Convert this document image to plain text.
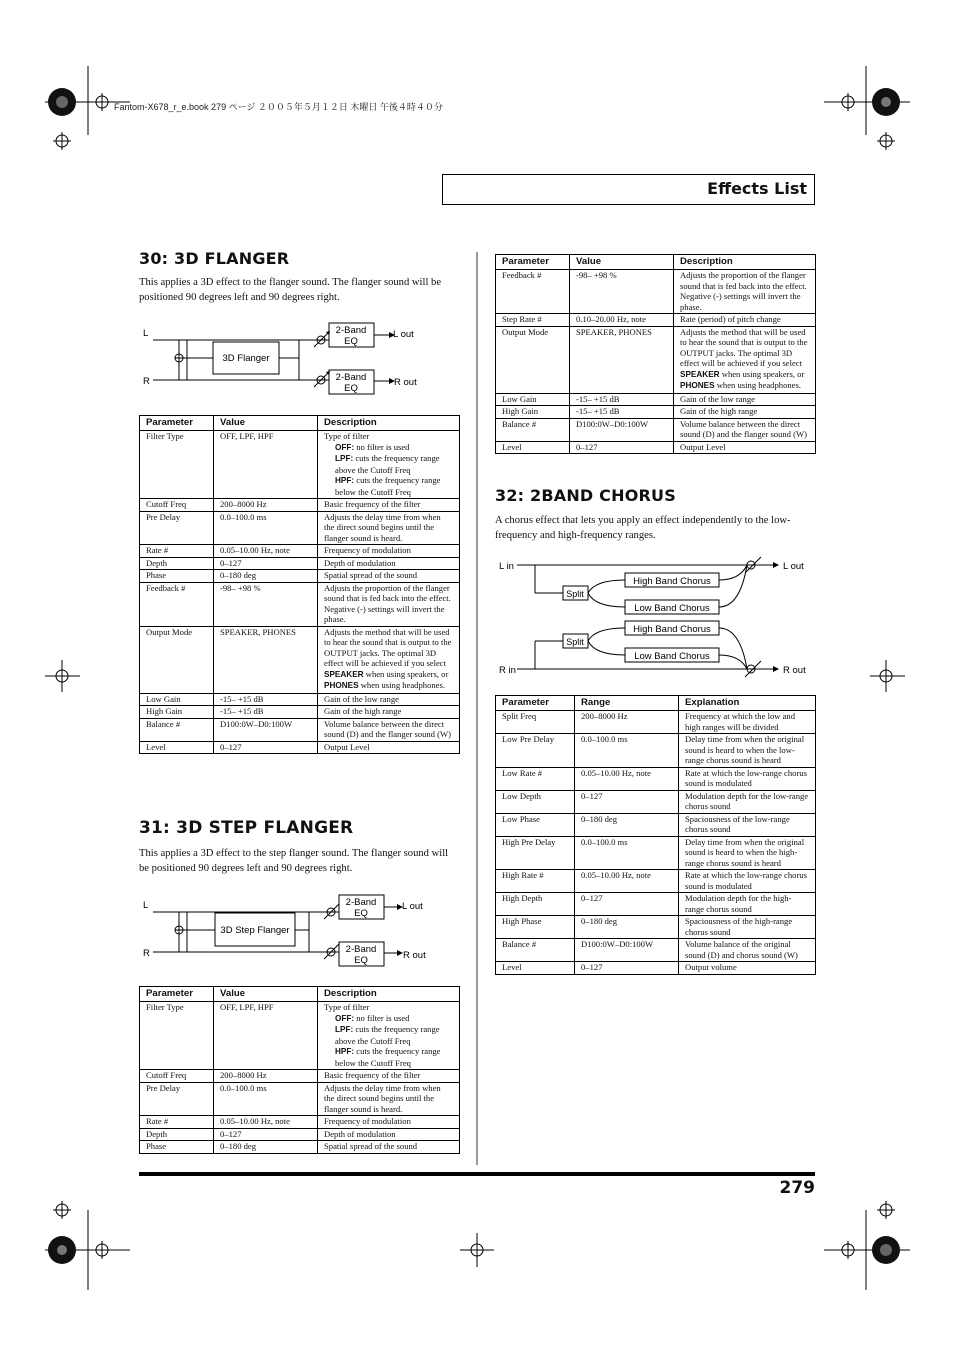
Fantom-X678_r_e.book 279 ページ ２００５年５月１２日 木曜日 午後４時４０分
Effects List
30: 3D FLANGER

This applies a 3D effect to the flanger sound. The flanger sound will be positioned 90 degrees left and 90 degrees right.

L
R
3D Flanger
2-Band
EQ
2-Band
EQ
L out
R out
Parameter	Value	Description
Filter Type	OFF, LPF, HPF	Type of filter
OFF: no filter is used
LPF: cuts the frequency range above the Cutoff Freq
HPF: cuts the frequency range below the Cutoff Freq

Cutoff Freq	200–8000 Hz	Basic frequency of the filter
Pre Delay	0.0–100.0 ms	Adjusts the delay time from when the direct sound begins until the flanger sound is heard.
Rate #	0.05–10.00 Hz, note	Frequency of modulation
Depth	0–127	Depth of modulation
Phase	0–180 deg	Spatial spread of the sound
Feedback #	-98– +98 %	Adjusts the proportion of the flanger sound that is fed back into the effect. Negative (-) settings will invert the phase.
Output Mode	SPEAKER, PHONES	Adjusts the method that will be used to hear the sound that is output to the OUTPUT jacks. The optimal 3D effect will be achieved if you select SPEAKER when using speakers, or PHONES when using headphones.
Low Gain	-15– +15 dB	Gain of the low range
High Gain	-15– +15 dB	Gain of the high range
Balance #	D100:0W–D0:100W	Volume balance between the direct sound (D) and the flanger sound (W)
Level	0–127	Output Level
31: 3D STEP FLANGER

This applies a 3D effect to the step flanger sound. The flanger sound will be positioned 90 degrees left and 90 degrees right.

L
R
3D Step Flanger
2-Band
EQ
2-Band
EQ
L out
R out
Parameter	Value	Description
Filter Type	OFF, LPF, HPF	Type of filter
OFF: no filter is used
LPF: cuts the frequency range above the Cutoff Freq
HPF: cuts the frequency range below the Cutoff Freq

Cutoff Freq	200–8000 Hz	Basic frequency of the filter
Pre Delay	0.0–100.0 ms	Adjusts the delay time from when the direct sound begins until the flanger sound is heard.
Rate #	0.05–10.00 Hz, note	Frequency of modulation
Depth	0–127	Depth of modulation
Phase	0–180 deg	Spatial spread of the sound
Parameter	Value	Description
Feedback #	-98– +98 %	Adjusts the proportion of the flanger sound that is fed back into the effect. Negative (-) settings will invert the phase.
Step Rate #	0.10–20.00 Hz, note	Rate (period) of pitch change
Output Mode	SPEAKER, PHONES	Adjusts the method that will be used to hear the sound that is output to the OUTPUT jacks. The optimal 3D effect will be achieved if you select SPEAKER when using speakers, or PHONES when using headphones.
Low Gain	-15– +15 dB	Gain of the low range
High Gain	-15– +15 dB	Gain of the high range
Balance #	D100:0W–D0:100W	Volume balance between the direct sound (D) and the flanger sound (W)
Level	0–127	Output Level
32: 2BAND CHORUS

A chorus effect that lets you apply an effect independently to the low-frequency and high-frequency ranges.

L in
R in
L out
R out
Split
Split
High Band Chorus
Low Band Chorus
High Band Chorus
Low Band Chorus
Parameter	Range	Explanation
Split Freq	200–8000 Hz	Frequency at which the low and high ranges will be divided
Low Pre Delay	0.0–100.0 ms	Delay time from when the original sound is heard to when the low-range chorus sound is heard
Low Rate #	0.05–10.00 Hz, note	Rate at which the low-range chorus sound is modulated
Low Depth	0–127	Modulation depth for the low-range chorus sound
Low Phase	0–180 deg	Spaciousness of the low-range chorus sound
High Pre Delay	0.0–100.0 ms	Delay time from when the original sound is heard to when the high-range chorus sound is heard
High Rate #	0.05–10.00 Hz, note	Rate at which the low-range chorus sound is modulated
High Depth	0–127	Modulation depth for the high-range chorus sound
High Phase	0–180 deg	Spaciousness of the high-range chorus sound
Balance #	D100:0W–D0:100W	Volume balance of the original sound (D) and chorus sound (W)
Level	0–127	Output volume
279
